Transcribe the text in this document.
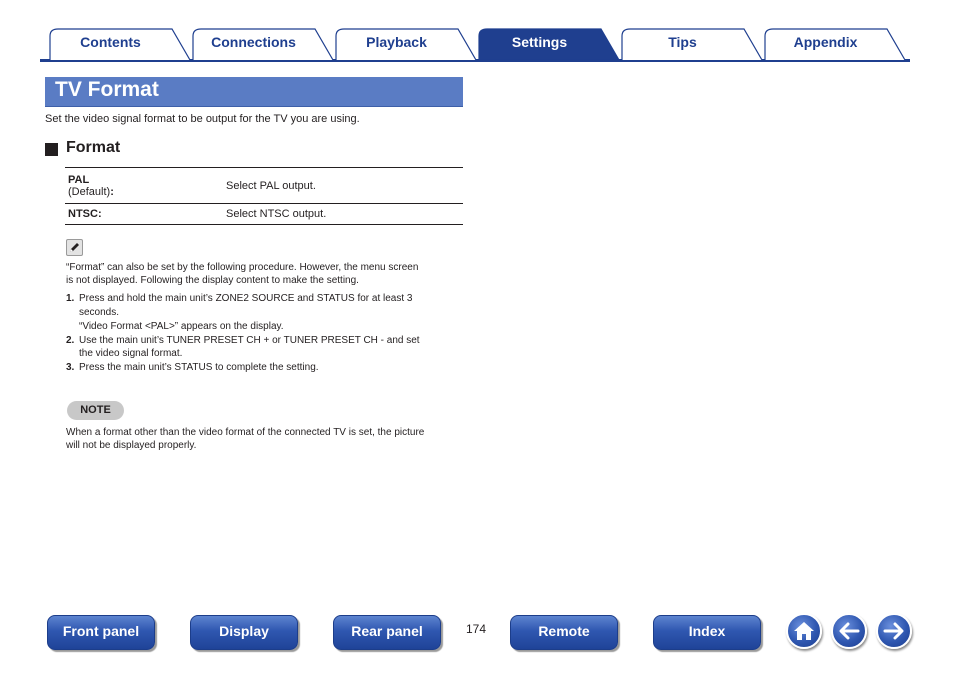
Contents	Connections	Playback	Settings	Tips	Appendix
TV Format
Set the video signal format to be output for the TV you are using.
Format
PAL
(Default):	Select PAL output.
NTSC:	Select NTSC output.
“Format” can also be set by the following procedure. However, the menu screen
is not displayed. Following the display content to make the setting.
1. Press and hold the main unit’s ZONE2 SOURCE and STATUS for at least 3
seconds.
“Video Format <PAL>” appears on the display.
2. Use the main unit’s TUNER PRESET CH + or TUNER PRESET CH - and set
the video signal format.
3. Press the main unit’s STATUS to complete the setting.
NOTE
When a format other than the video format of the connected TV is set, the picture
will not be displayed properly.
Front panel	Display	Rear panel	174	Remote	Index
